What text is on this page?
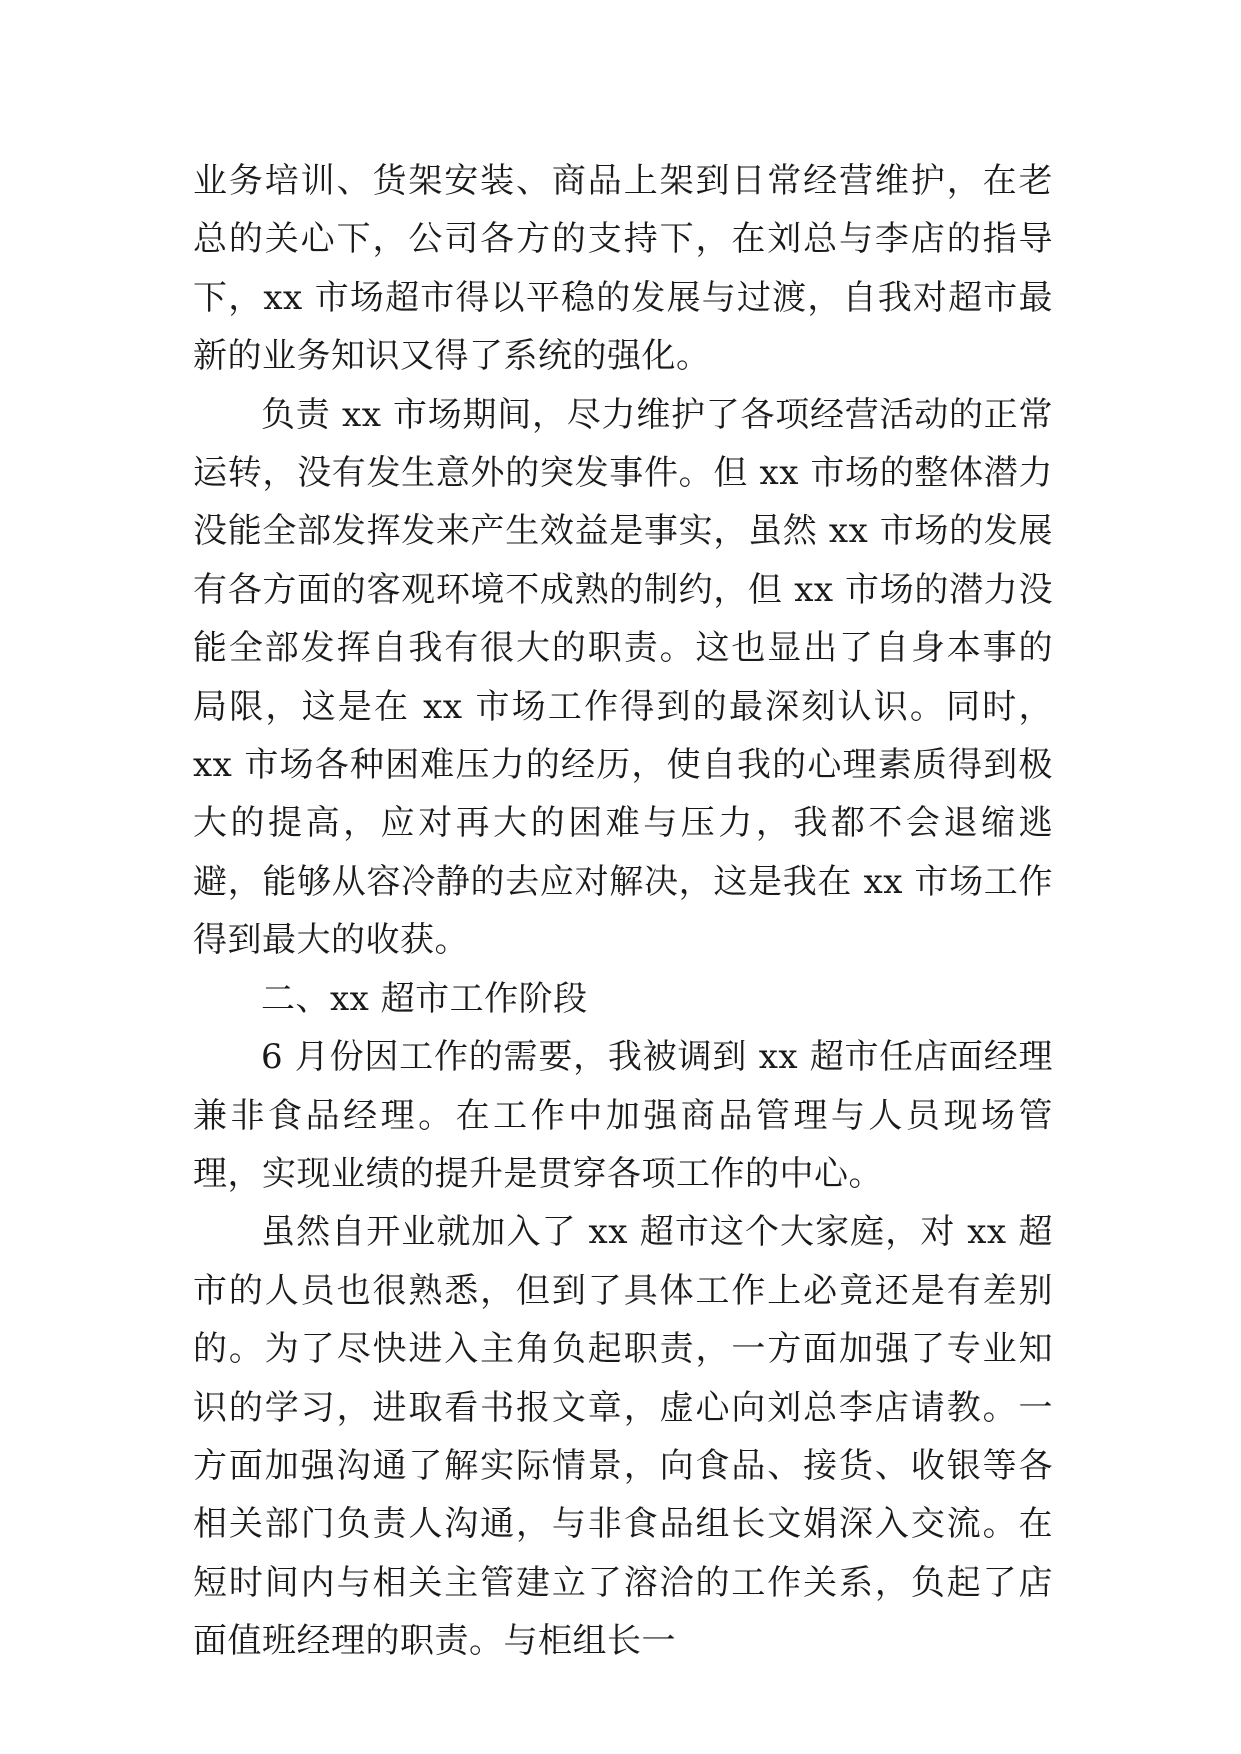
业务培训、货架安装、商品上架到日常经营维护，在老总的关心下，公司各方的支持下，在刘总与李店的指导下，xx 市场超市得以平稳的发展与过渡，自我对超市最新的业务知识又得了系统的强化。

负责 xx 市场期间，尽力维护了各项经营活动的正常运转，没有发生意外的突发事件。但 xx 市场的整体潜力没能全部发挥发来产生效益是事实，虽然 xx 市场的发展有各方面的客观环境不成熟的制约，但 xx 市场的潜力没能全部发挥自我有很大的职责。这也显出了自身本事的局限，这是在 xx 市场工作得到的最深刻认识。同时，xx 市场各种困难压力的经历，使自我的心理素质得到极大的提高，应对再大的困难与压力，我都不会退缩逃避，能够从容冷静的去应对解决，这是我在 xx 市场工作得到最大的收获。

二、xx 超市工作阶段

6 月份因工作的需要，我被调到 xx 超市任店面经理兼非食品经理。在工作中加强商品管理与人员现场管理，实现业绩的提升是贯穿各项工作的中心。

虽然自开业就加入了 xx 超市这个大家庭，对 xx 超市的人员也很熟悉，但到了具体工作上必竟还是有差别的。为了尽快进入主角负起职责，一方面加强了专业知识的学习，进取看书报文章，虚心向刘总李店请教。一方面加强沟通了解实际情景，向食品、接货、收银等各相关部门负责人沟通，与非食品组长文娟深入交流。在短时间内与相关主管建立了溶洽的工作关系，负起了店面值班经理的职责。与柜组长一
